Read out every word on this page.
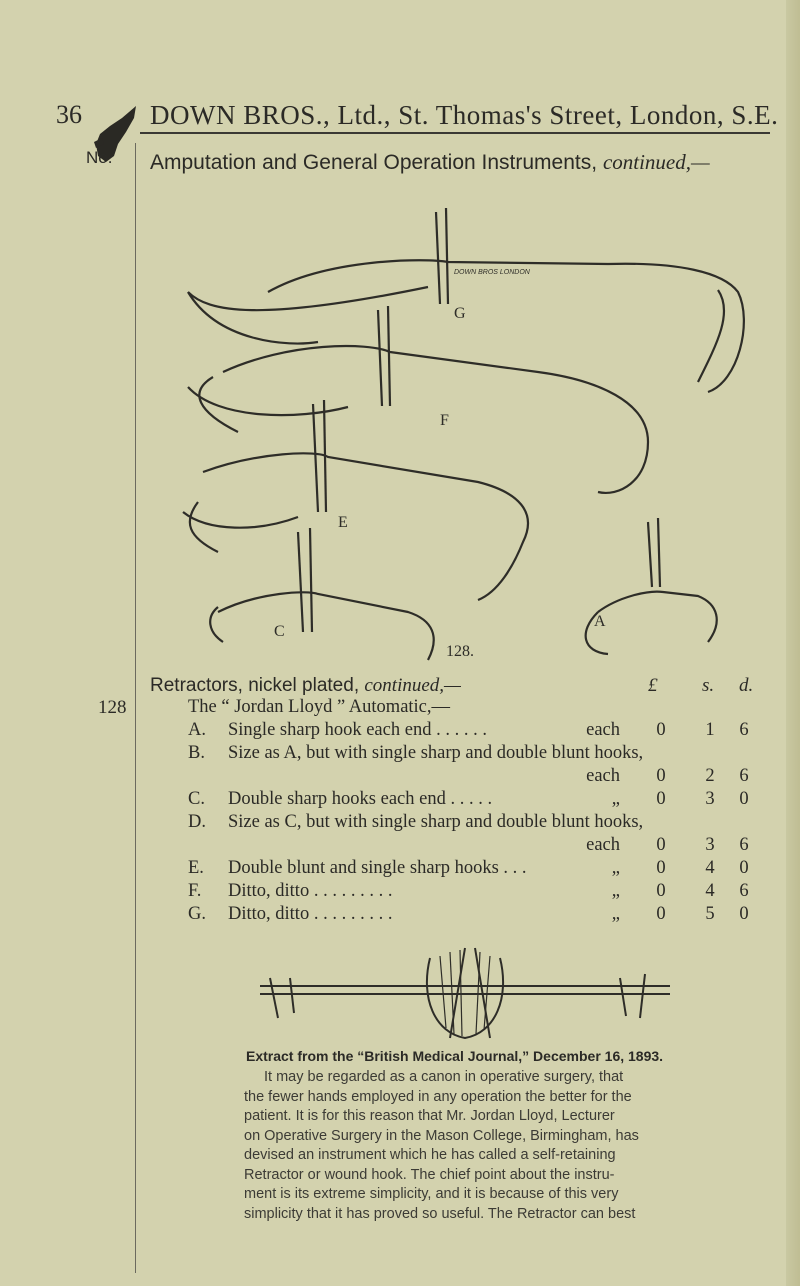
36	DOWN BROS., Ltd., St. Thomas's Street, London, S.E.
No. Amputation and General Operation Instruments, continued,—
G
F
E
C
A
128.
DOWN BROS LONDON
Retractors, nickel plated, continued,—	£ s. d.
128	The “ Jordan Lloyd ” Automatic,—
A. Single sharp hook each end . . . . . .	each 0 1 6
B. Size as A, but with single sharp and double blunt hooks,
each 0 2 6
C. Double sharp hooks each end . . . . .	„ 0 3 0
D. Size as C, but with single sharp and double blunt hooks,
each 0 3 6
E. Double blunt and single sharp hooks . . .	„ 0 4 0
F. Ditto, ditto . . . . . . . . .	„ 0 4 6
G. Ditto, ditto . . . . . . . . .	„ 0 5 0
Extract from the “British Medical Journal,” December 16, 1893.
It may be regarded as a canon in operative surgery, that
the fewer hands employed in any operation the better for the
patient. It is for this reason that Mr. Jordan Lloyd, Lecturer
on Operative Surgery in the Mason College, Birmingham, has
devised an instrument which he has called a self-retaining
Retractor or wound hook. The chief point about the instru-
ment is its extreme simplicity, and it is because of this very
simplicity that it has proved so useful. The Retractor can best
